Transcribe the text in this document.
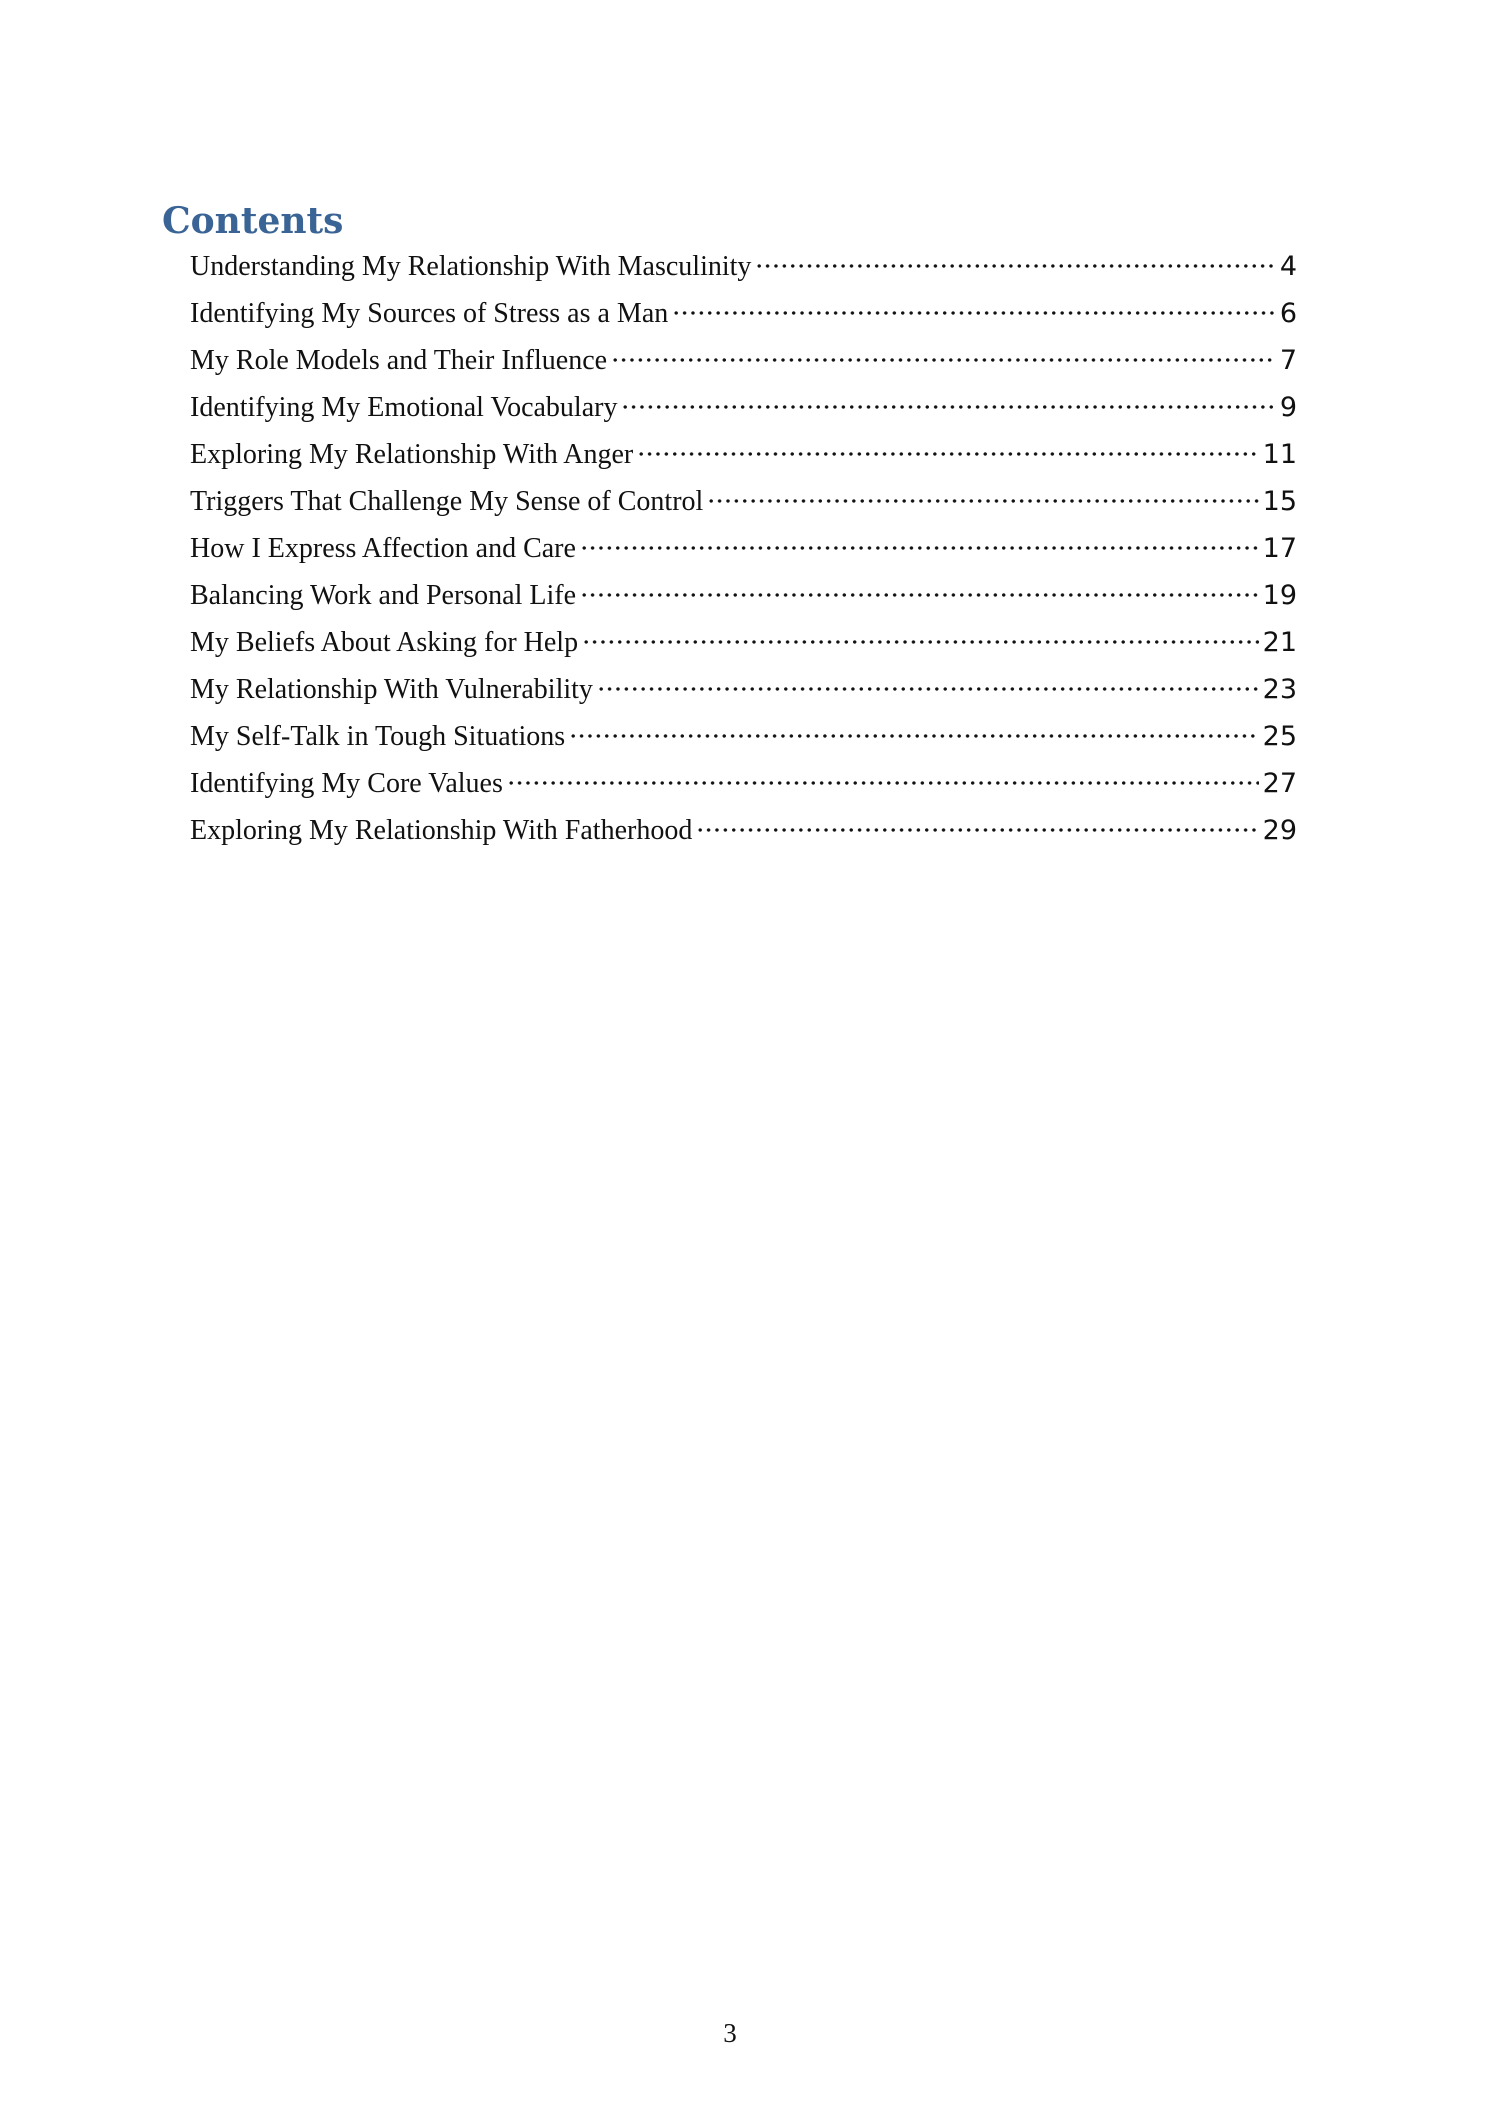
Contents
Understanding My Relationship With Masculinity	4
Identifying My Sources of Stress as a Man	6
My Role Models and Their Influence	7
Identifying My Emotional Vocabulary	9
Exploring My Relationship With Anger	11
Triggers That Challenge My Sense of Control	15
How I Express Affection and Care	17
Balancing Work and Personal Life	19
My Beliefs About Asking for Help	21
My Relationship With Vulnerability	23
My Self-Talk in Tough Situations	25
Identifying My Core Values	27
Exploring My Relationship With Fatherhood	29
3
